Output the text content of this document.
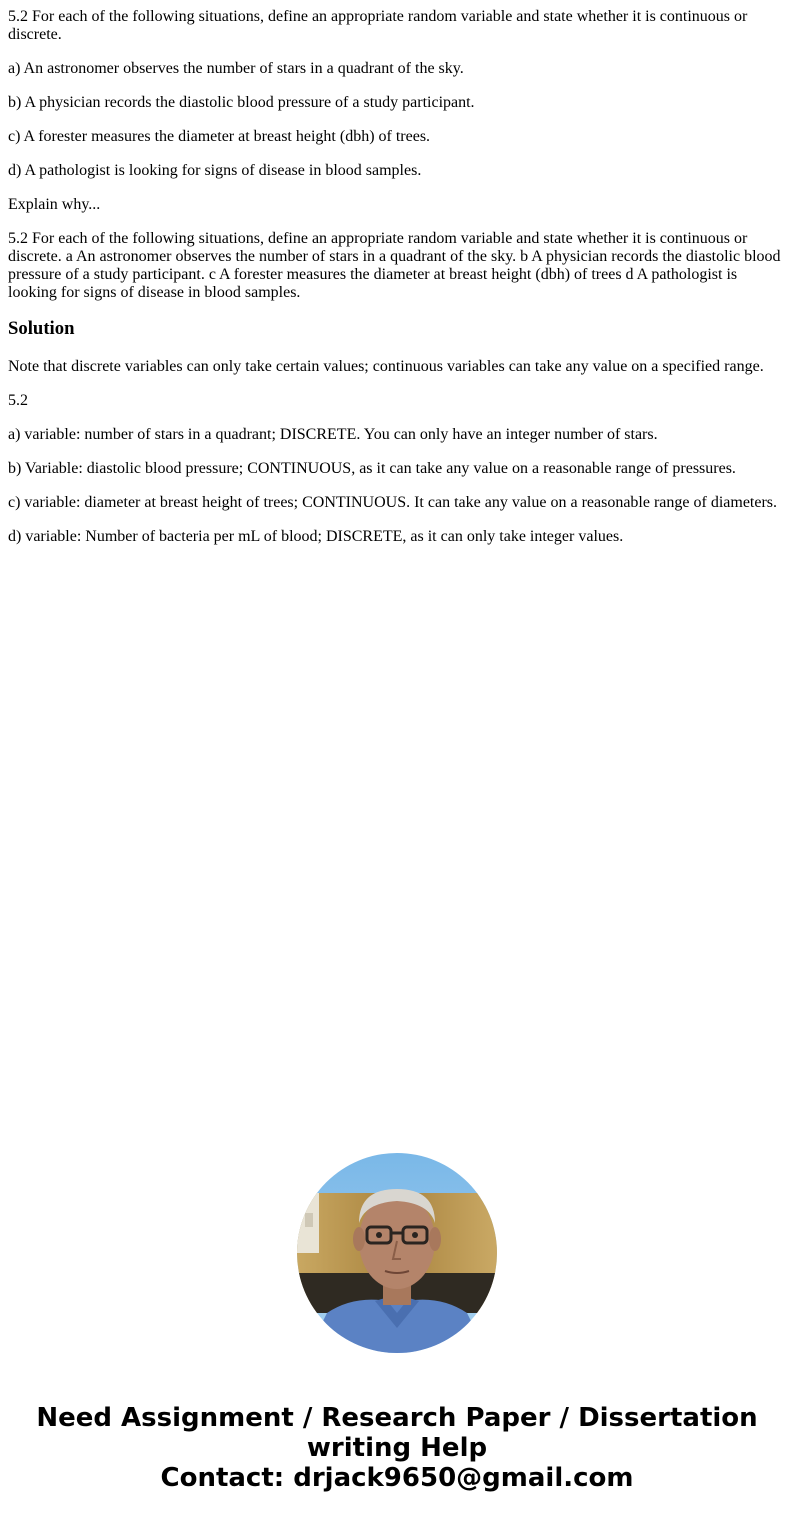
5.2 For each of the following situations, define an appropriate random variable and state whether it is continuous or discrete.

a) An astronomer observes the number of stars in a quadrant of the sky.

b) A physician records the diastolic blood pressure of a study participant.

c) A forester measures the diameter at breast height (dbh) of trees.

d) A pathologist is looking for signs of disease in blood samples.

Explain why...

5.2 For each of the following situations, define an appropriate random variable and state whether it is continuous or discrete. a An astronomer observes the number of stars in a quadrant of the sky. b A physician records the diastolic blood pressure of a study participant. c A forester measures the diameter at breast height (dbh) of trees d A pathologist is looking for signs of disease in blood samples.

Solution

Note that discrete variables can only take certain values; continuous variables can take any value on a specified range.

5.2

a) variable: number of stars in a quadrant; DISCRETE. You can only have an integer number of stars.

b) Variable: diastolic blood pressure; CONTINUOUS, as it can take any value on a reasonable range of pressures.

c) variable: diameter at breast height of trees; CONTINUOUS. It can take any value on a reasonable range of diameters.

d) variable: Number of bacteria per mL of blood; DISCRETE, as it can only take integer values.

Need Assignment / Research Paper / Dissertation
writing Help
Contact: drjack9650@gmail.com
